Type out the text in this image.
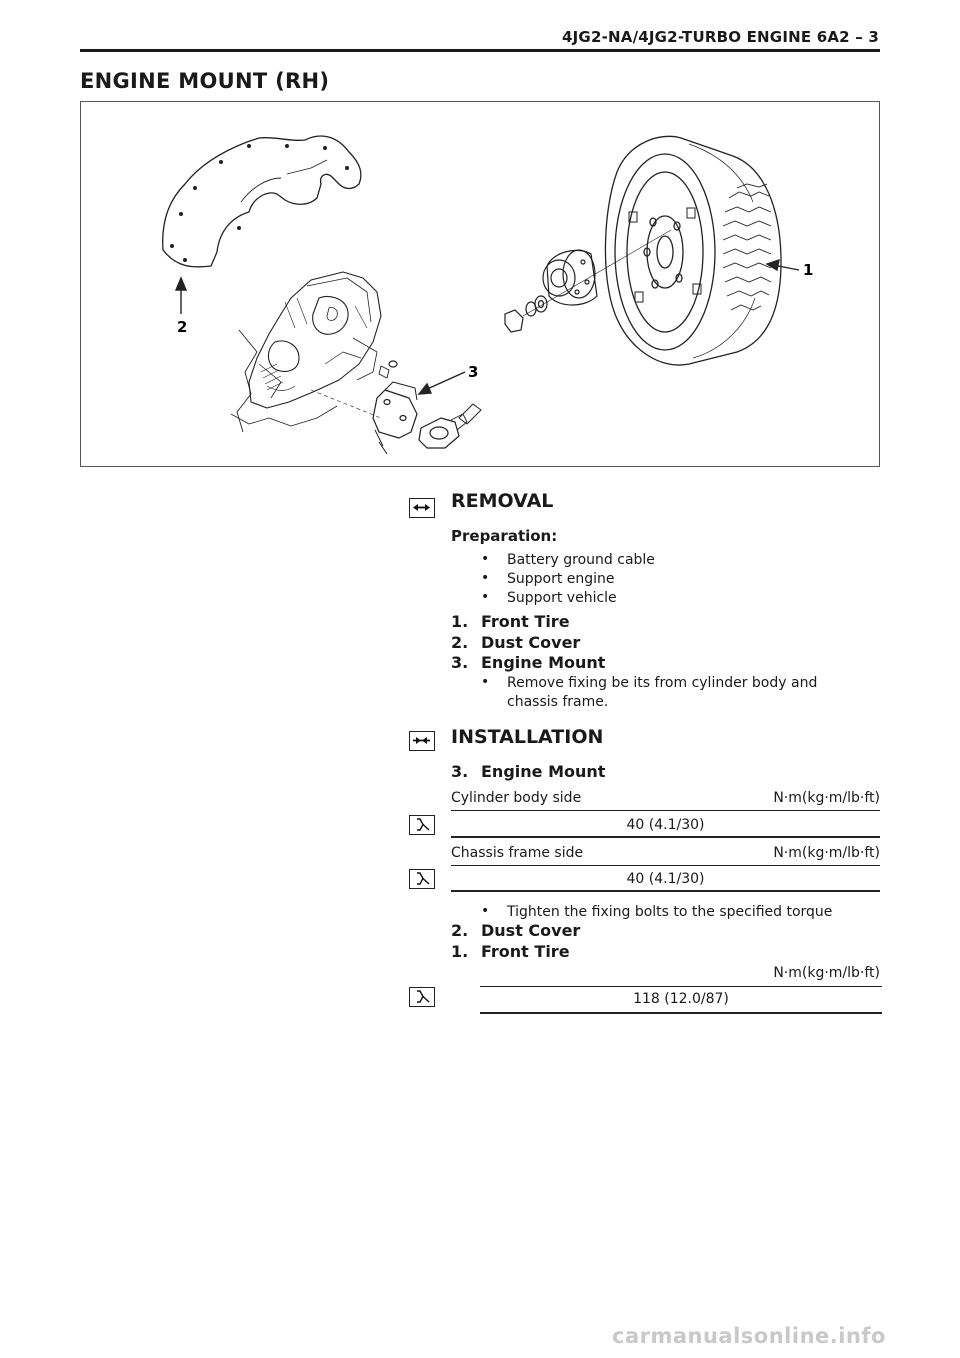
4JG2-NA/4JG2-TURBO ENGINE 6A2 – 3
ENGINE MOUNT (RH)
1
2
3
REMOVAL
Preparation:
• Battery ground cable
• Support engine
• Support vehicle
1. Front Tire
2. Dust Cover
3. Engine Mount
• Remove fixing be its from cylinder body and chassis frame.
INSTALLATION
3. Engine Mount
Cylinder body side	N·m(kg·m/lb·ft)
40 (4.1/30)
Chassis frame side	N·m(kg·m/lb·ft)
40 (4.1/30)
• Tighten the fixing bolts to the specified torque
2. Dust Cover
1. Front Tire
N·m(kg·m/lb·ft)
118 (12.0/87)
carmanualsonline.info
